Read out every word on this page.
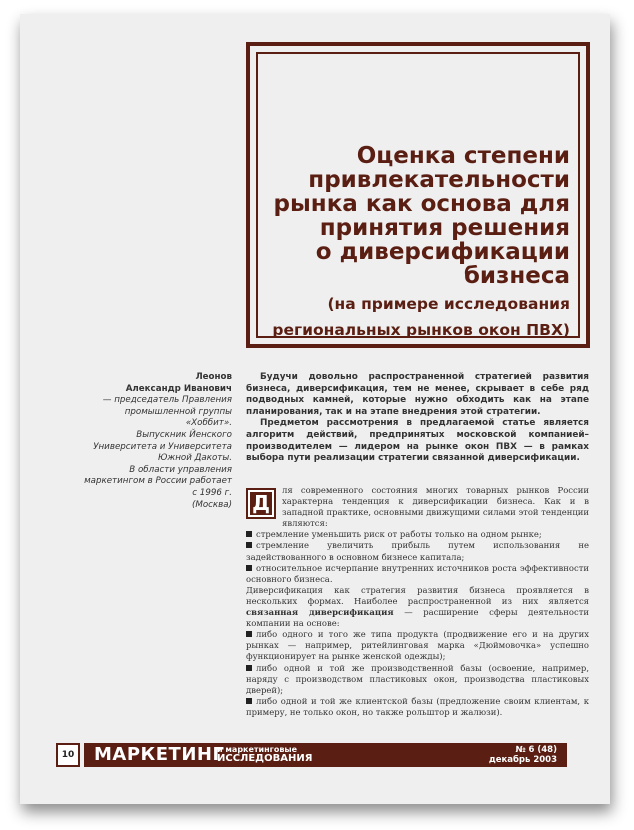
Оценка степени
привлекательности
рынка как основа для
принятия решения
о диверсификации
бизнеса
(на примере исследования
региональных рынков окон ПВХ)
Леонов
Александр Иванович
— председатель Правления
промышленной группы
«Хоббит».
Выпускник Йенского
Университета и Университета
Южной Дакоты.
В области управления
маркетингом в России работает
с 1996 г.
(Москва)

Будучи довольно распространенной стратегией развития бизнеса, диверсификация, тем не менее, скрывает в себе ряд подводных камней, которые нужно обходить как на этапе планирования, так и на этапе внедрения этой стратегии.

Предметом рассмотрения в предлагаемой статье является алгоритм действий, предпринятых московской компанией–производителем — лидером на рынке окон ПВХ — в рамках выбора пути реализации стратегии связанной диверсификации.

Д

ля современного состояния многих товарных рынков России характерна тенденция к диверсификации бизнеса. Как и в западной практике, основными движущими силами этой тенденции являются:

стремление уменьшить риск от работы только на одном рынке;

стремление увеличить прибыль путем использования не задействованного в основном бизнесе капитала;

относительное исчерпание внутренних источников роста эффективности основного бизнеса.

Диверсификация как стратегия развития бизнеса проявляется в нескольких формах. Наиболее распространенной из них является связанная диверсификация — расширение сферы деятельности компании на основе:

либо одного и того же типа продукта (продвижение его и на других рынках — например, ритейлинговая марка «Дюймовочка» успешно функционирует на рынке женской одежды);

либо одной и той же производственной базы (освоение, например, наряду с производством пластиковых окон, производства пластиковых дверей);

либо одной и той же клиентской базы (предложение своим клиентам, к примеру, не только окон, но также рольштор и жалюзи).

10	МАРКЕТИНГ
и маркетинговые
ИССЛЕДОВАНИЯ
№ 6 (48)
декабрь 2003
